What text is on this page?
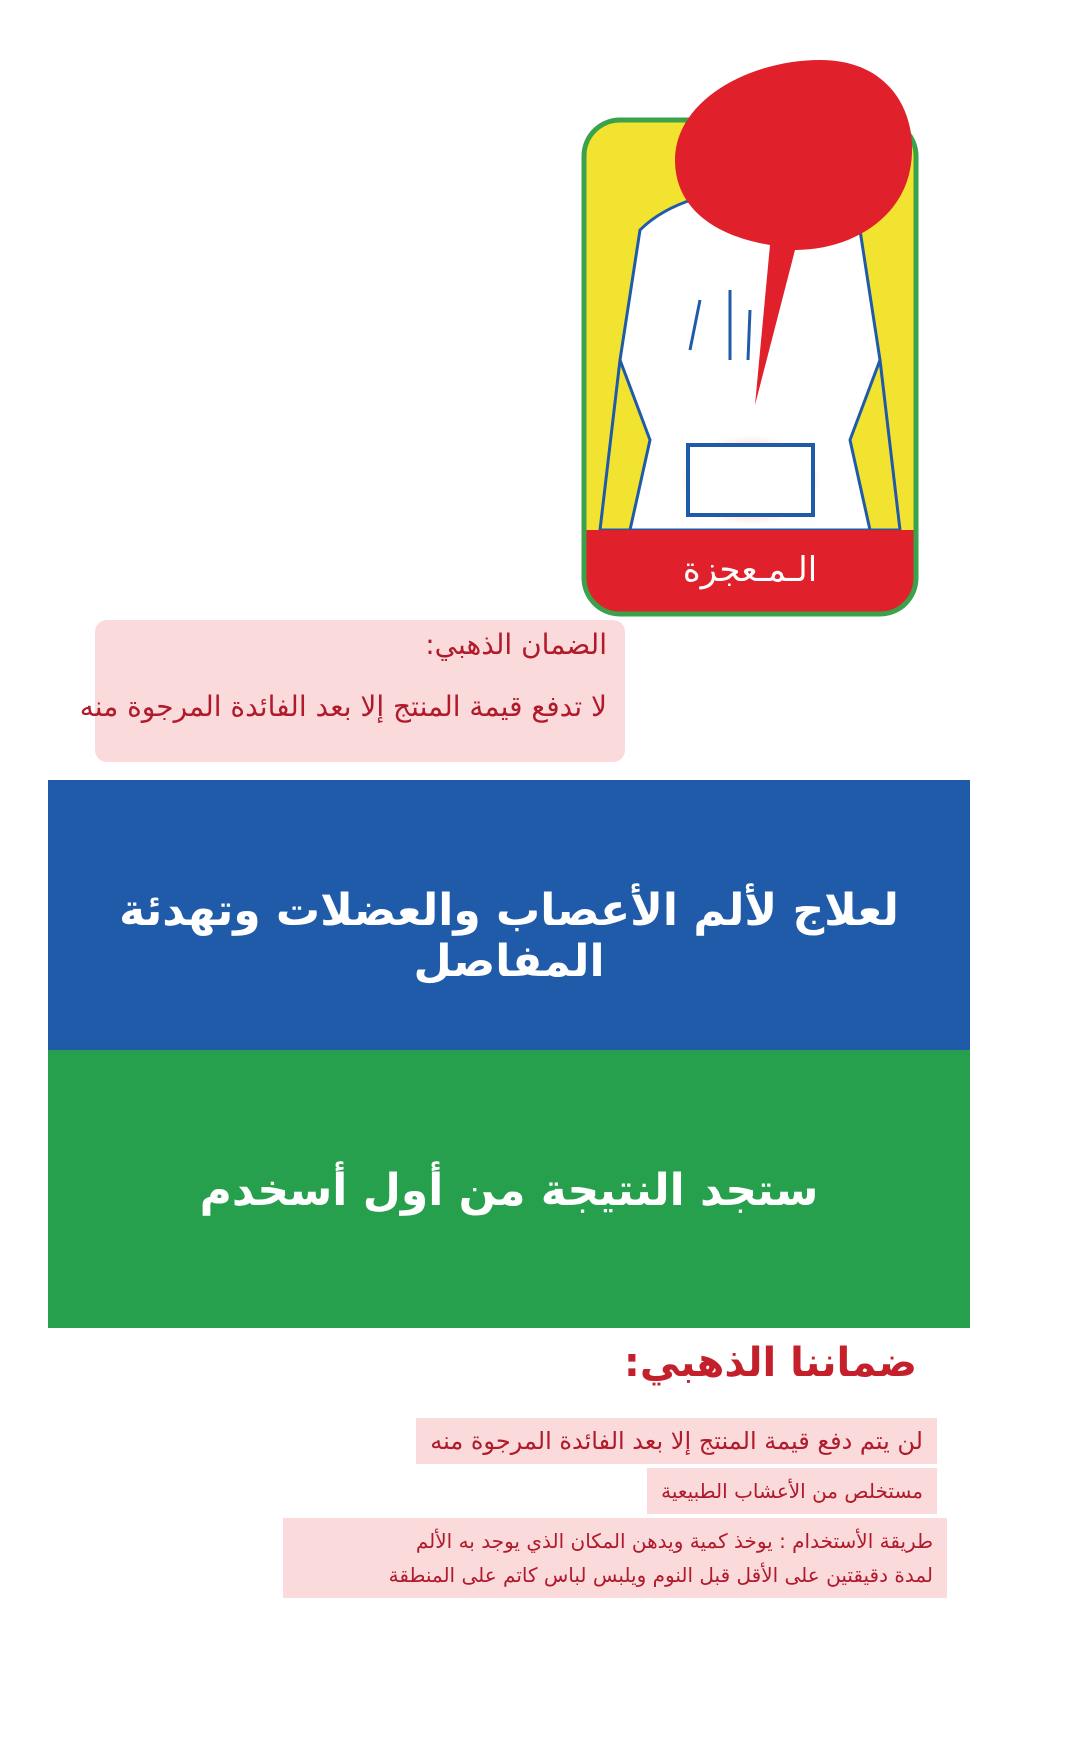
الـمـعجزة
الضمان الذهبي:
لا تدفع قيمة المنتج إلا بعد الفائدة المرجوة منه
لعلاج لألم الأعصاب والعضلات وتهدئة المفاصل
ستجد النتيجة من أول أسخدم
ضماننا الذهبي:
لن يتم دفع قيمة المنتج إلا بعد الفائدة المرجوة منه
مستخلص من الأعشاب الطبيعية
طريقة الأستخدام : يوخذ كمية ويدهن المكان الذي يوجد به الألم
لمدة دقيقتين على الأقل قبل النوم ويلبس لباس كاتم على المنطقة
